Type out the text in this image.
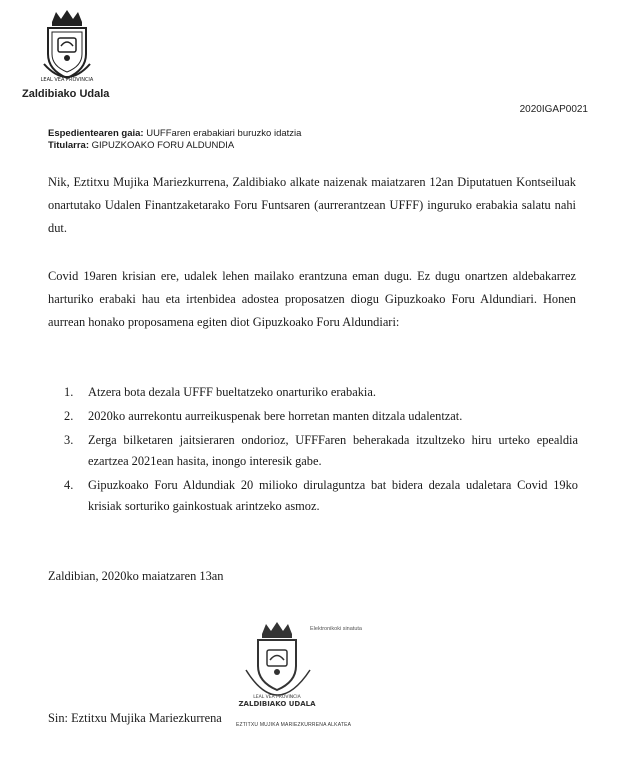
LEAL VEA PROVINCIA
Zaldibiako Udala
2020IGAP0021
Espedientearen gaia: UUFFaren erabakiari buruzko idatzia
Titularra: GIPUZKOAKO FORU ALDUNDIA
Nik, Eztitxu Mujika Mariezkurrena, Zaldibiako alkate naizenak maiatzaren 12an Diputatuen Kontseiluak onartutako Udalen Finantzaketarako Foru Funtsaren (aurrerantzean UFFF) inguruko erabakia salatu nahi dut.
Covid 19aren krisian ere, udalek lehen mailako erantzuna eman dugu. Ez dugu onartzen aldebakarrez harturiko erabaki hau eta irtenbidea adostea proposatzen diogu Gipuzkoako Foru Aldundiari. Honen aurrean honako proposamena egiten diot Gipuzkoako Foru Aldundiari:
1. Atzera bota dezala UFFF bueltatzeko onarturiko erabakia.
2. 2020ko aurrekontu aurreikuspenak bere horretan manten ditzala udalentzat.
3. Zerga bilketaren jaitsieraren ondorioz, UFFFaren beherakada itzultzeko hiru urteko epealdia ezartzea 2021ean hasita, inongo interesik gabe.
4. Gipuzkoako Foru Aldundiak 20 milioko dirulaguntza bat bidera dezala udaletara Covid 19ko krisiak sorturiko gainkostuak arintzeko asmoz.
Zaldibian, 2020ko maiatzaren 13an
ZALDIBIAKO UDALA
LEAL VEA PROVINCIA
Elektronikoki sinatuta
EZTITXU MUJIKA MARIEZKURRENA ALKATEA
Sin: Eztitxu Mujika Mariezkurrena
